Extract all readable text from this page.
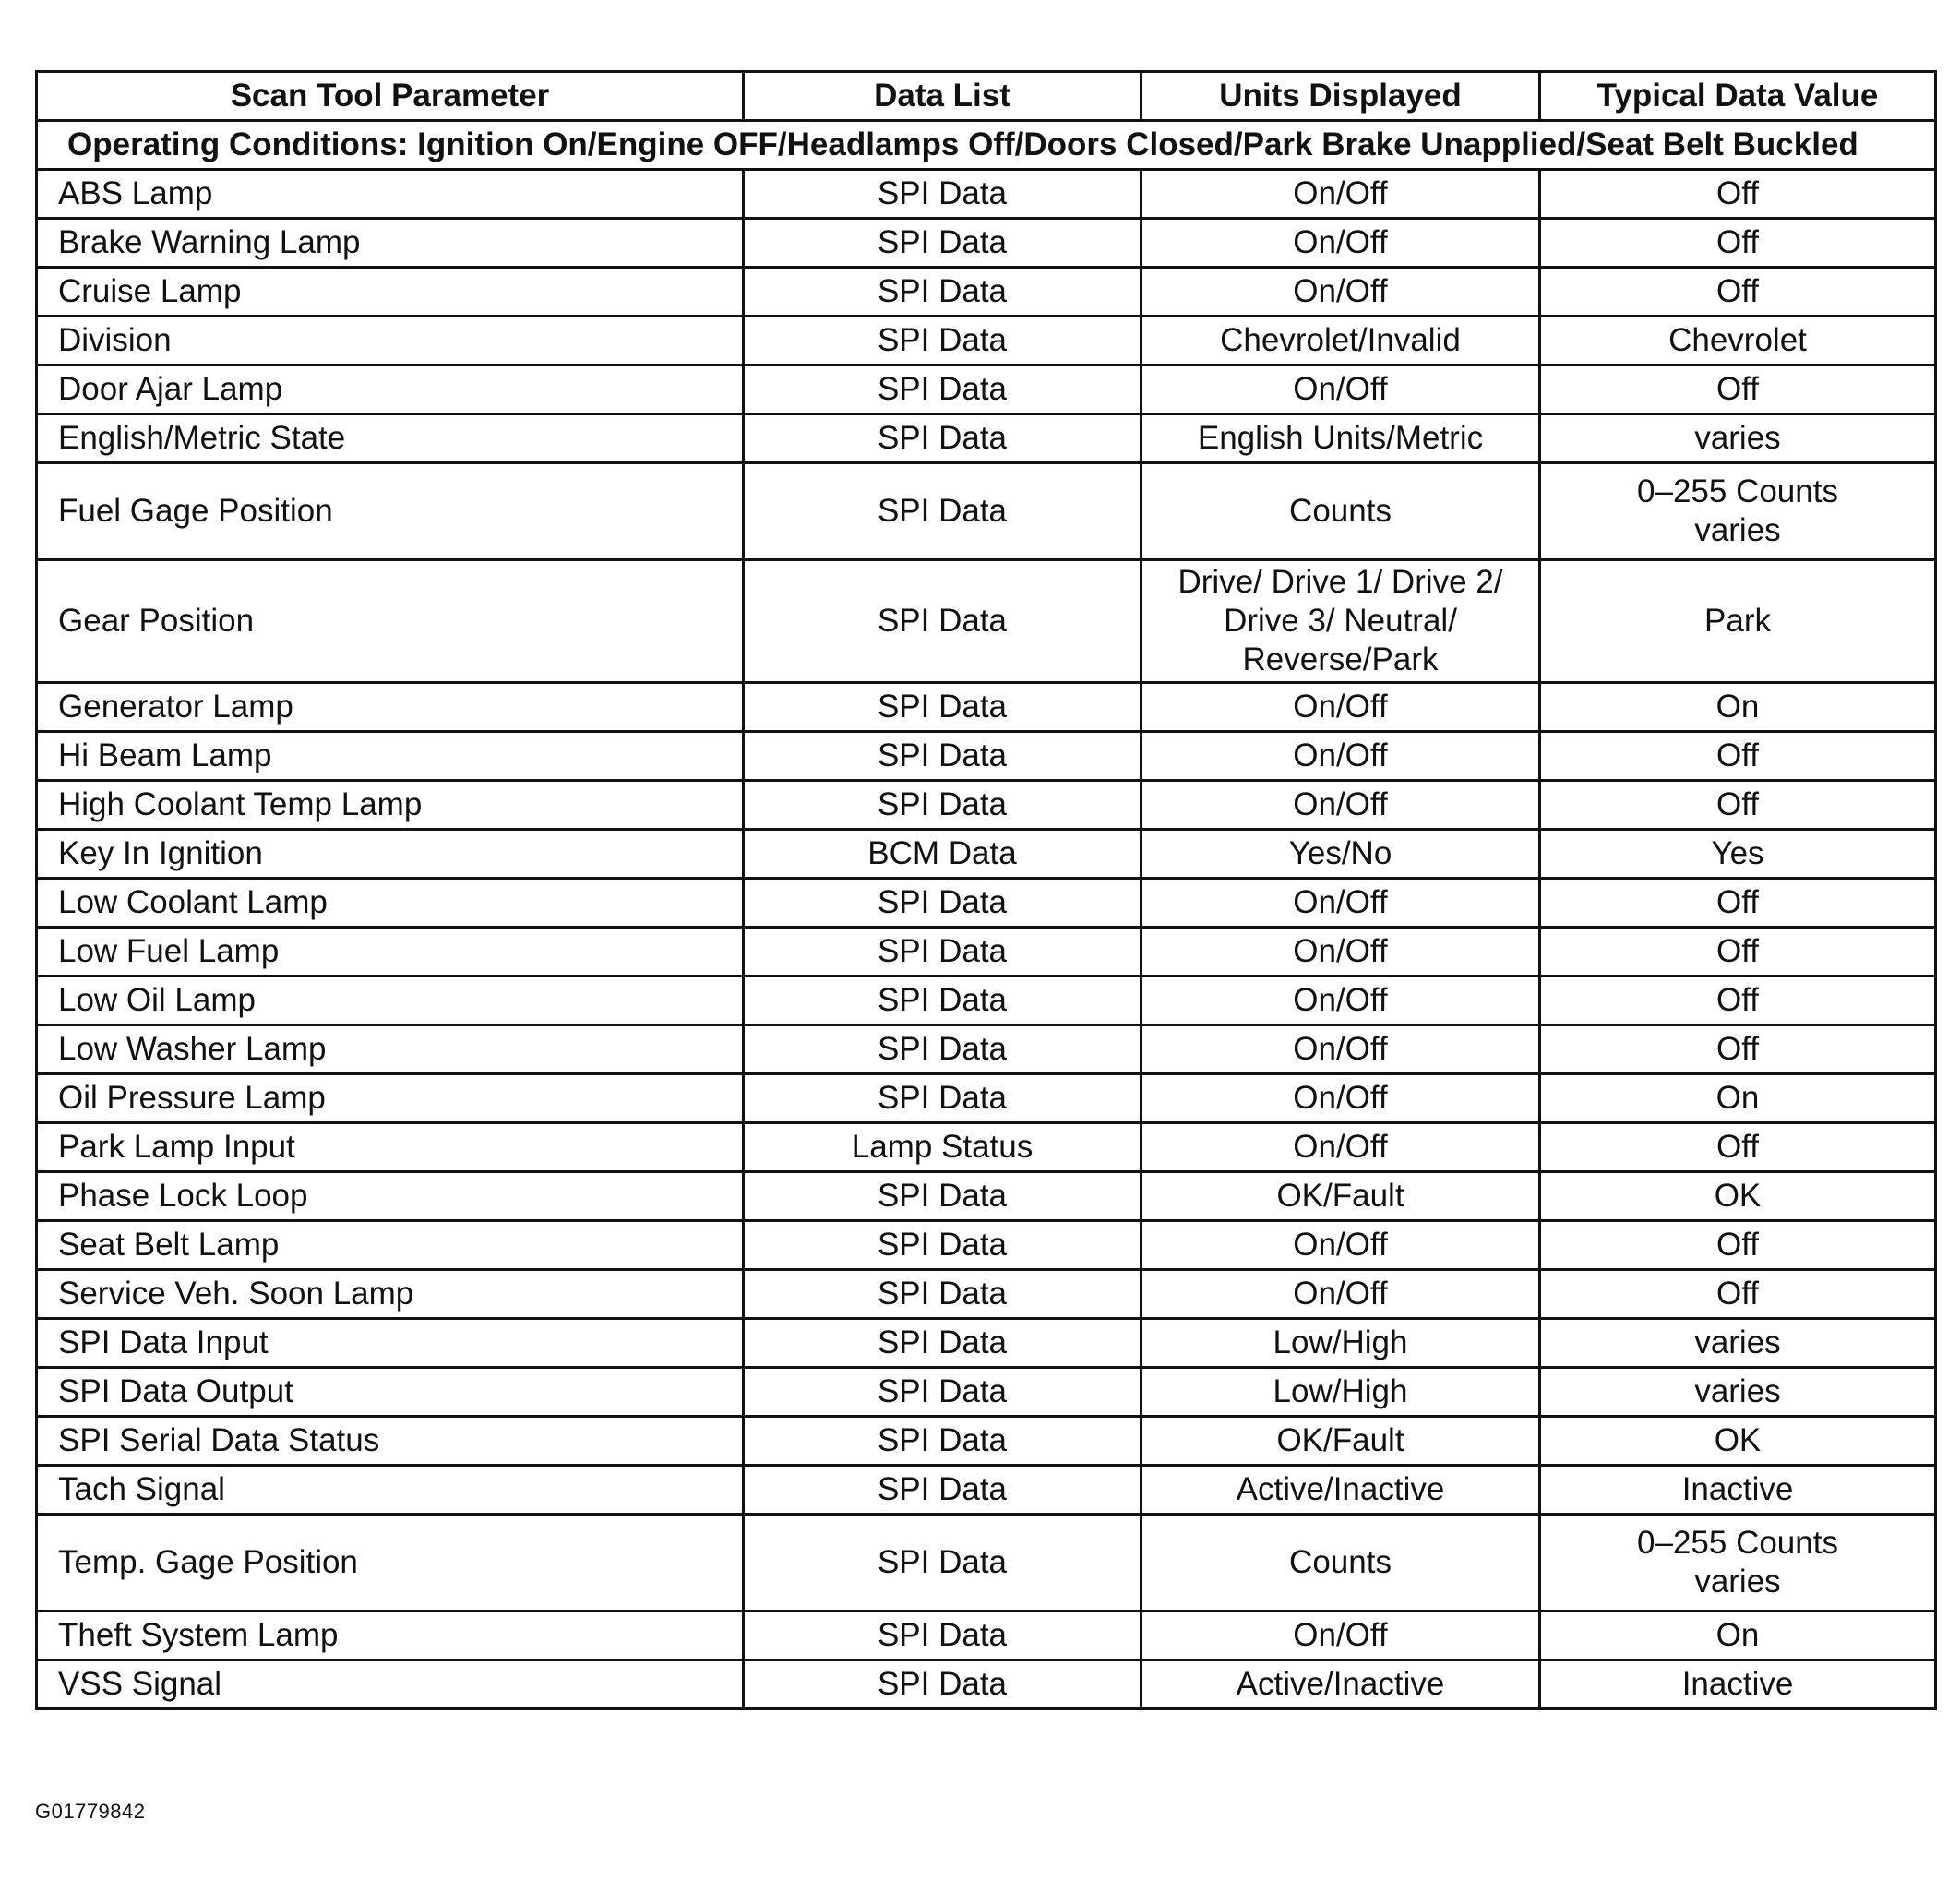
Scan Tool Parameter	Data List	Units Displayed	Typical Data Value
Operating Conditions: Ignition On/Engine OFF/Headlamps Off/Doors Closed/Park Brake Unapplied/Seat Belt Buckled			
ABS Lamp	SPI Data	On/Off	Off

Brake Warning Lamp	SPI Data	On/Off	Off

Cruise Lamp	SPI Data	On/Off	Off

Division	SPI Data	Chevrolet/Invalid	Chevrolet

Door Ajar Lamp	SPI Data	On/Off	Off

English/Metric State	SPI Data	English Units/Metric	varies

Fuel Gage Position	SPI Data	Counts	0–255 Counts
varies

Gear Position	SPI Data	Drive/ Drive 1/ Drive 2/
Drive 3/ Neutral/
Reverse/Park	Park

Generator Lamp	SPI Data	On/Off	On

Hi Beam Lamp	SPI Data	On/Off	Off

High Coolant Temp Lamp	SPI Data	On/Off	Off

Key In Ignition	BCM Data	Yes/No	Yes

Low Coolant Lamp	SPI Data	On/Off	Off

Low Fuel Lamp	SPI Data	On/Off	Off

Low Oil Lamp	SPI Data	On/Off	Off

Low Washer Lamp	SPI Data	On/Off	Off

Oil Pressure Lamp	SPI Data	On/Off	On

Park Lamp Input	Lamp Status	On/Off	Off

Phase Lock Loop	SPI Data	OK/Fault	OK

Seat Belt Lamp	SPI Data	On/Off	Off

Service Veh. Soon Lamp	SPI Data	On/Off	Off

SPI Data Input	SPI Data	Low/High	varies

SPI Data Output	SPI Data	Low/High	varies

SPI Serial Data Status	SPI Data	OK/Fault	OK

Tach Signal	SPI Data	Active/Inactive	Inactive

Temp. Gage Position	SPI Data	Counts	0–255 Counts
varies

Theft System Lamp	SPI Data	On/Off	On

VSS Signal	SPI Data	Active/Inactive	Inactive
G01779842
